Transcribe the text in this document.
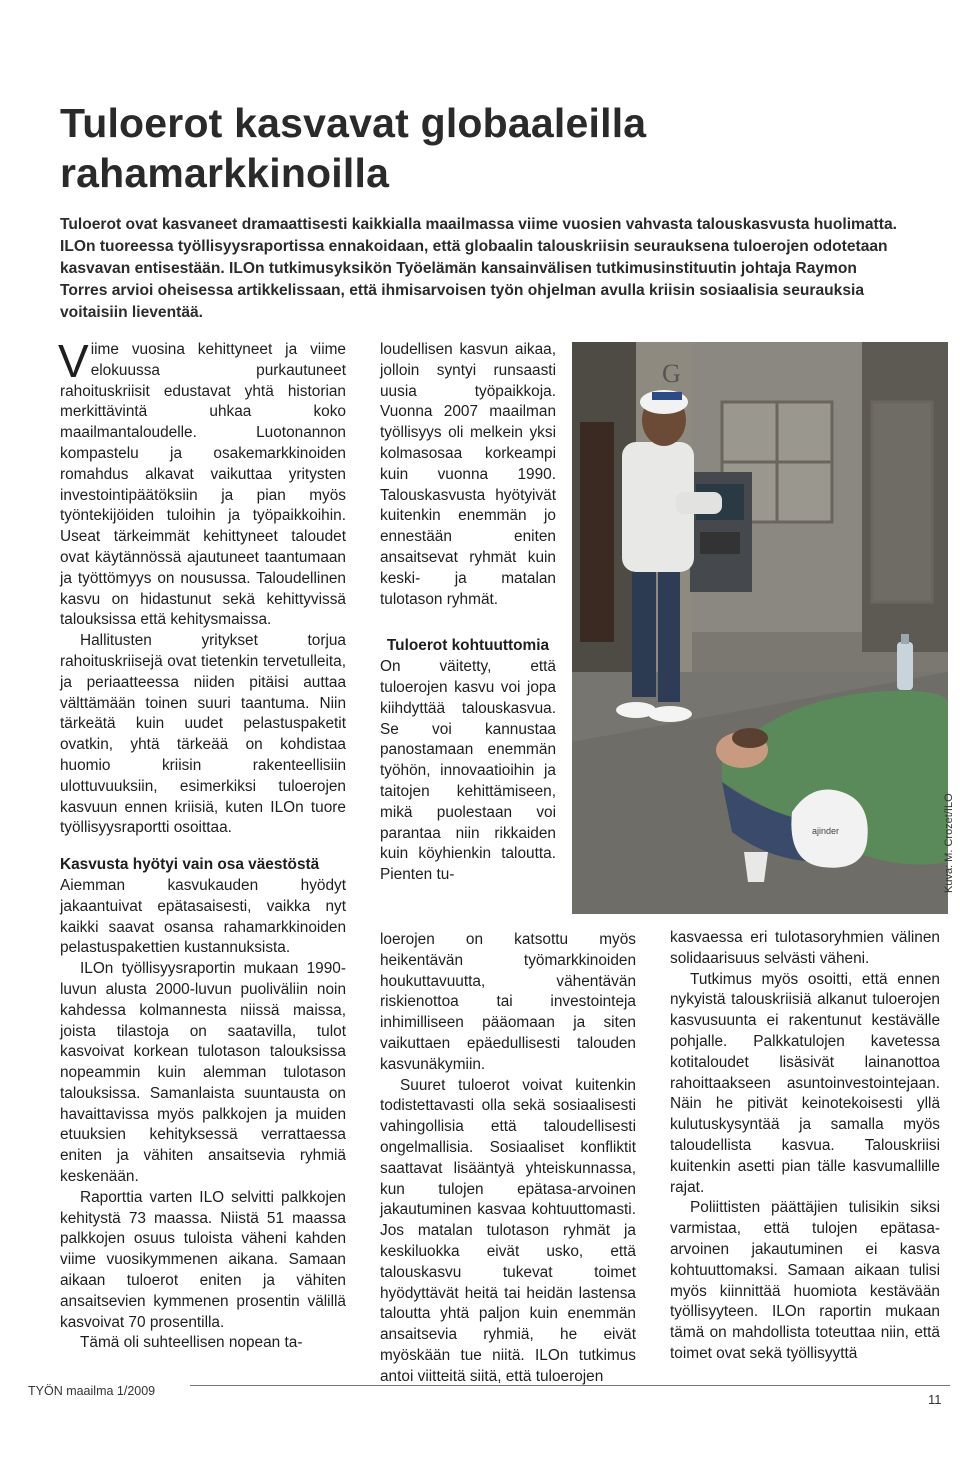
Tuloerot kasvavat globaaleilla rahamarkkinoilla

Tuloerot ovat kasvaneet dramaattisesti kaikkialla maailmassa viime vuosien vahvasta talouskasvusta huolimatta. ILOn tuoreessa työllisyysraportissa ennakoidaan, että globaalin talouskriisin seurauksena tuloerojen odotetaan kasvavan entisestään. ILOn tutkimusyksikön Työelämän kansainvälisen tutkimusinstituutin johtaja Raymon Torres arvioi oheisessa artikkelissaan, että ihmisarvoisen työn ohjelman avulla kriisin sosiaalisia seurauksia voitaisiin lieventää.

Viime vuosina kehittyneet ja viime elokuussa purkautuneet rahoituskriisit edustavat yhtä historian merkittävintä uhkaa koko maailmantaloudelle. Luotonannon kompastelu ja osakemarkkinoiden romahdus alkavat vaikuttaa yritysten investointipäätöksiin ja pian myös työntekijöiden tuloihin ja työpaikkoihin. Useat tärkeimmät kehittyneet taloudet ovat käytännössä ajautuneet taantumaan ja työttömyys on nousussa. Taloudellinen kasvu on hidastunut sekä kehittyvissä talouksissa että kehitysmaissa.

Hallitusten yritykset torjua rahoituskriisejä ovat tietenkin tervetulleita, ja periaatteessa niiden pitäisi auttaa välttämään toinen suuri taantuma. Niin tärkeätä kuin uudet pelastuspaketit ovatkin, yhtä tärkeää on kohdistaa huomio kriisin rakenteellisiin ulottuvuuksiin, esimerkiksi tuloerojen kasvuun ennen kriisiä, kuten ILOn tuore työllisyysraportti osoittaa.

Kasvusta hyötyi vain osa väestöstä

Aiemman kasvukauden hyödyt jakaantuivat epätasaisesti, vaikka nyt kaikki saavat osansa rahamarkkinoiden pelastuspakettien kustannuksista.

ILOn työllisyysraportin mukaan 1990-luvun alusta 2000-luvun puoliväliin noin kahdessa kolmannesta niissä maissa, joista tilastoja on saatavilla, tulot kasvoivat korkean tulotason talouksissa nopeammin kuin alemman tulotason talouksissa. Samanlaista suuntausta on havaittavissa myös palkkojen ja muiden etuuksien kehityksessä verrattaessa eniten ja vähiten ansaitsevia ryhmiä keskenään.

Raporttia varten ILO selvitti palkkojen kehitystä 73 maassa. Niistä 51 maassa palkkojen osuus tuloista väheni kahden viime vuosikymmenen aikana. Samaan aikaan tuloerot eniten ja vähiten ansaitsevien kymmenen prosentin välillä kasvoivat 70 prosentilla.

Tämä oli suhteellisen nopean ta-

loudellisen kasvun aikaa, jolloin syntyi runsaasti uusia työpaikkoja. Vuonna 2007 maailman työllisyys oli melkein yksi kolmasosaa korkeampi kuin vuonna 1990. Talouskasvusta hyötyivät kuitenkin enemmän jo ennestään eniten ansaitsevat ryhmät kuin keski- ja matalan tulotason ryhmät.

Tuloerot kohtuuttomia

On väitetty, että tuloerojen kasvu voi jopa kiihdyttää talouskasvua. Se voi kannustaa panostamaan enemmän työhön, innovaatioihin ja taitojen kehittämiseen, mikä puolestaan voi parantaa niin rikkaiden kuin köyhienkin taloutta. Pienten tu-

loerojen on katsottu myös heikentävän työmarkkinoiden houkuttavuutta, vähentävän riskienottoa tai investointeja inhimilliseen pääomaan ja siten vaikuttaen epäedullisesti talouden kasvunäkymiin.

Suuret tuloerot voivat kuitenkin todistettavasti olla sekä sosiaalisesti vahingollisia että taloudellisesti ongelmallisia. Sosiaaliset konfliktit saattavat lisääntyä yhteiskunnassa, kun tulojen epätasa-arvoinen jakautuminen kasvaa kohtuuttomasti. Jos matalan tulotason ryhmät ja keskiluokka eivät usko, että talouskasvu tukevat toimet hyödyttävät heitä tai heidän lastensa taloutta yhtä paljon kuin enemmän ansaitsevia ryhmiä, he eivät myöskään tue niitä. ILOn tutkimus antoi viitteitä siitä, että tuloerojen

kasvaessa eri tulotasoryhmien välinen solidaarisuus selvästi väheni.

Tutkimus myös osoitti, että ennen nykyistä talouskriisiä alkanut tuloerojen kasvusuunta ei rakentunut kestävälle pohjalle. Palkkatulojen kavetessa kotitaloudet lisäsivät lainanottoa rahoittaakseen asuntoinvestointejaan. Näin he pitivät keinotekoisesti yllä kulutuskysyntää ja samalla myös taloudellista kasvua. Talouskriisi kuitenkin asetti pian tälle kasvumallille rajat.

Poliittisten päättäjien tulisikin siksi varmistaa, että tulojen epätasa-arvoinen jakautuminen ei kasva kohtuuttomaksi. Samaan aikaan tulisi myös kiinnittää huomiota kestävään työllisyyteen. ILOn raportin mukaan tämä on mahdollista toteuttaa niin, että toimet ovat sekä työllisyyttä

G
ajinder	Kuva: M. Crozet/ILO
TYÖN maailma 1/2009
11
